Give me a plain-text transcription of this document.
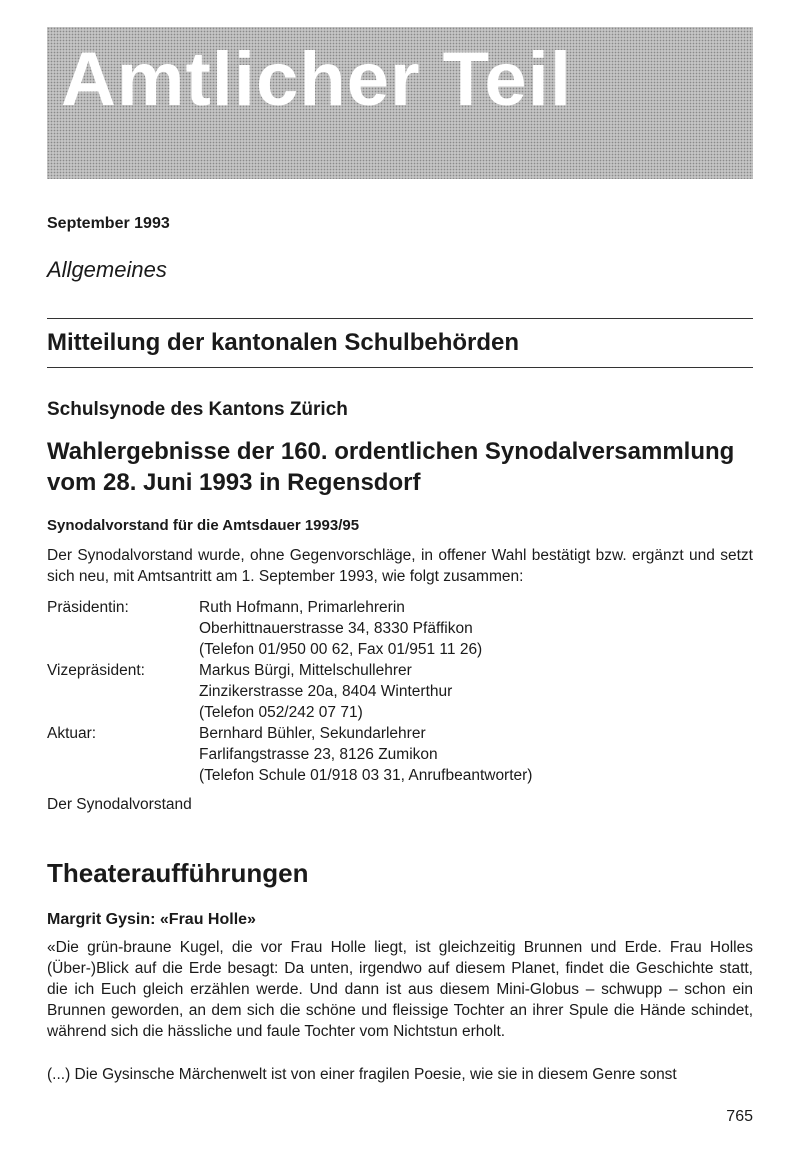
Amtlicher Teil
September 1993
Allgemeines
Mitteilung der kantonalen Schulbehörden
Schulsynode des Kantons Zürich
Wahlergebnisse der 160. ordentlichen Synodalversammlung vom 28. Juni 1993 in Regensdorf
Synodalvorstand für die Amtsdauer 1993/95

Der Synodalvorstand wurde, ohne Gegenvorschläge, in offener Wahl bestätigt bzw. ergänzt und setzt sich neu, mit Amtsantritt am 1. September 1993, wie folgt zusammen:

Präsidentin:	Ruth Hofmann, Primarlehrerin
Oberhittnauerstrasse 34, 8330 Pfäffikon
(Telefon 01/950 00 62, Fax 01/951 11 26)
Vizepräsident:	Markus Bürgi, Mittelschullehrer
Zinzikerstrasse 20a, 8404 Winterthur
(Telefon 052/242 07 71)
Aktuar:	Bernhard Bühler, Sekundarlehrer
Farlifangstrasse 23, 8126 Zumikon
(Telefon Schule 01/918 03 31, Anrufbeantworter)
Der Synodalvorstand
Theateraufführungen
Margrit Gysin: «Frau Holle»

«Die grün-braune Kugel, die vor Frau Holle liegt, ist gleichzeitig Brunnen und Erde. Frau Holles (Über-)Blick auf die Erde besagt: Da unten, irgendwo auf diesem Planet, findet die Geschichte statt, die ich Euch gleich erzählen werde. Und dann ist aus diesem Mini-Globus – schwupp – schon ein Brunnen geworden, an dem sich die schöne und fleissige Tochter an ihrer Spule die Hände schindet, während sich die hässliche und faule Tochter vom Nichtstun erholt.

(...) Die Gysinsche Märchenwelt ist von einer fragilen Poesie, wie sie in diesem Genre sonst

765
